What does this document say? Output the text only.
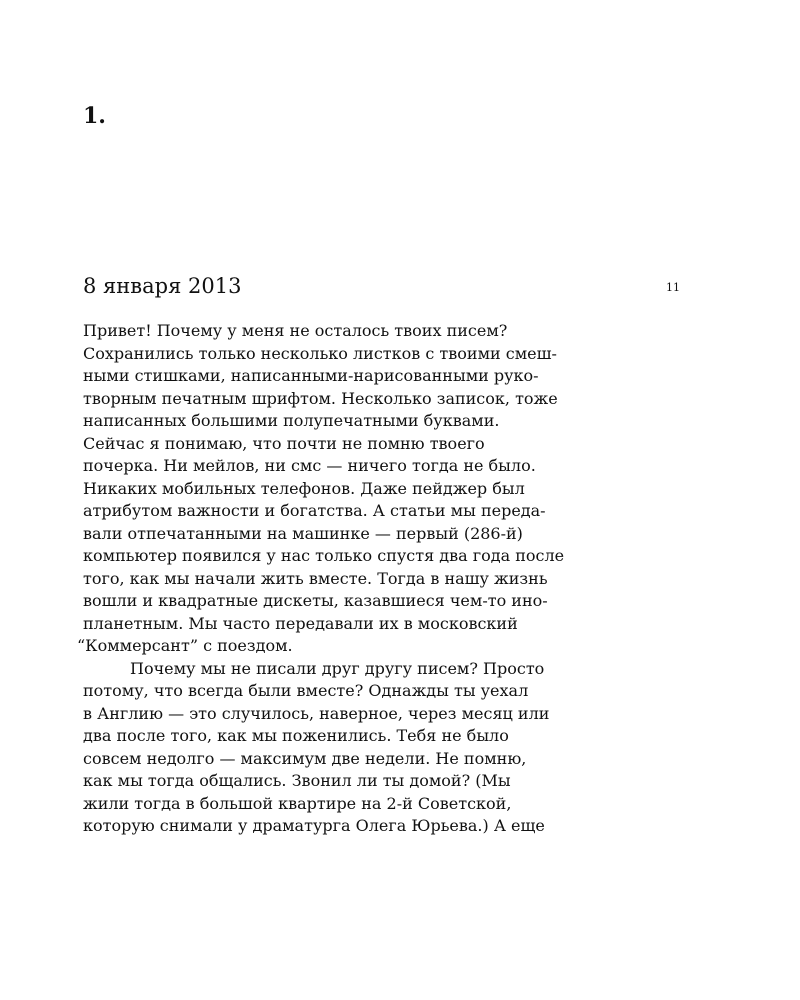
1.
8 января 2013	11
Привет! Почему у меня не осталось твоих писем?
Сохранились только несколько листков с твоими смеш-
ными стишками, написанными-нарисованными руко-
творным печатным шрифтом. Несколько записок, тоже
написанных большими полупечатными буквами.
Сейчас я понимаю, что почти не помню твоего
почерка. Ни мейлов, ни смс — ничего тогда не было.
Никаких мобильных телефонов. Даже пейджер был
атрибутом важности и богатства. А статьи мы переда-
вали отпечатанными на машинке — первый (286-й)
компьютер появился у нас только спустя два года после
того, как мы начали жить вместе. Тогда в нашу жизнь
вошли и квадратные дискеты, казавшиеся чем-то ино-
планетным. Мы часто передавали их в московский
“Коммерсант” с поездом.
Почему мы не писали друг другу писем? Просто
потому, что всегда были вместе? Однажды ты уехал
в Англию — это случилось, наверное, через месяц или
два после того, как мы поженились. Тебя не было
совсем недолго — максимум две недели. Не помню,
как мы тогда общались. Звонил ли ты домой? (Мы
жили тогда в большой квартире на 2-й Советской,
которую снимали у драматурга Олега Юрьева.) А еще
